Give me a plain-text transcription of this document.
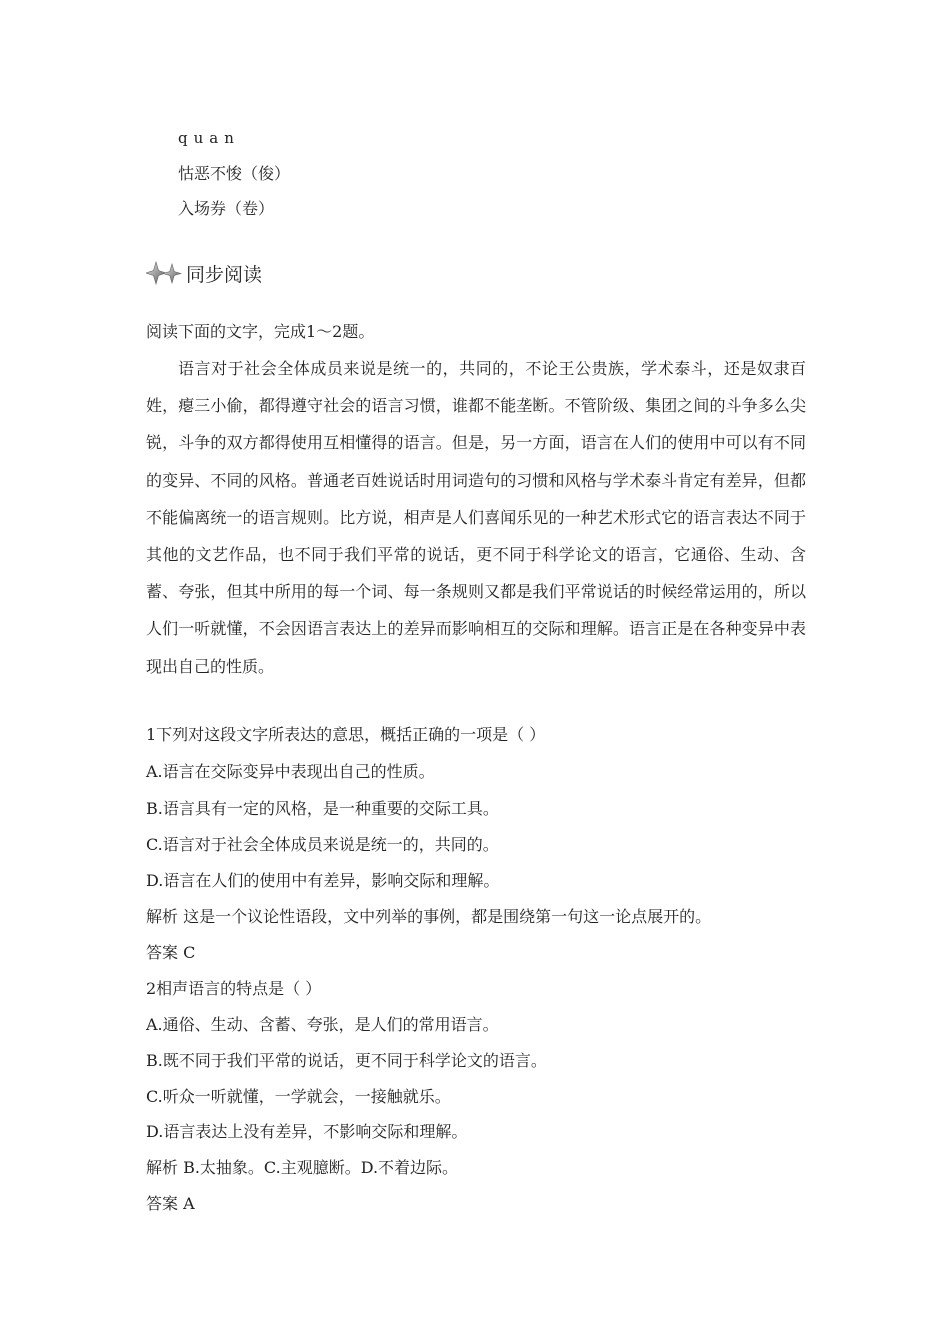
quan
怙恶不悛（俊）
入场券（卷）
同步阅读
阅读下面的文字，完成1～2题。
语言对于社会全体成员来说是统一的，共同的，不论王公贵族，学术泰斗，还是奴隶百姓，瘪三小偷，都得遵守社会的语言习惯，谁都不能垄断。不管阶级、集团之间的斗争多么尖锐，斗争的双方都得使用互相懂得的语言。但是，另一方面，语言在人们的使用中可以有不同的变异、不同的风格。普通老百姓说话时用词造句的习惯和风格与学术泰斗肯定有差异，但都不能偏离统一的语言规则。比方说，相声是人们喜闻乐见的一种艺术形式它的语言表达不同于其他的文艺作品，也不同于我们平常的说话，更不同于科学论文的语言，它通俗、生动、含蓄、夸张，但其中所用的每一个词、每一条规则又都是我们平常说话的时候经常运用的，所以人们一听就懂，不会因语言表达上的差异而影响相互的交际和理解。语言正是在各种变异中表现出自己的性质。
1下列对这段文字所表达的意思，概括正确的一项是（ ）
A.语言在交际变异中表现出自己的性质。
B.语言具有一定的风格，是一种重要的交际工具。
C.语言对于社会全体成员来说是统一的，共同的。
D.语言在人们的使用中有差异，影响交际和理解。
解析 这是一个议论性语段，文中列举的事例，都是围绕第一句这一论点展开的。
答案 C
2相声语言的特点是（ ）
A.通俗、生动、含蓄、夸张，是人们的常用语言。
B.既不同于我们平常的说话，更不同于科学论文的语言。
C.听众一听就懂，一学就会，一接触就乐。
D.语言表达上没有差异，不影响交际和理解。
解析 B.太抽象。C.主观臆断。D.不着边际。
答案 A
